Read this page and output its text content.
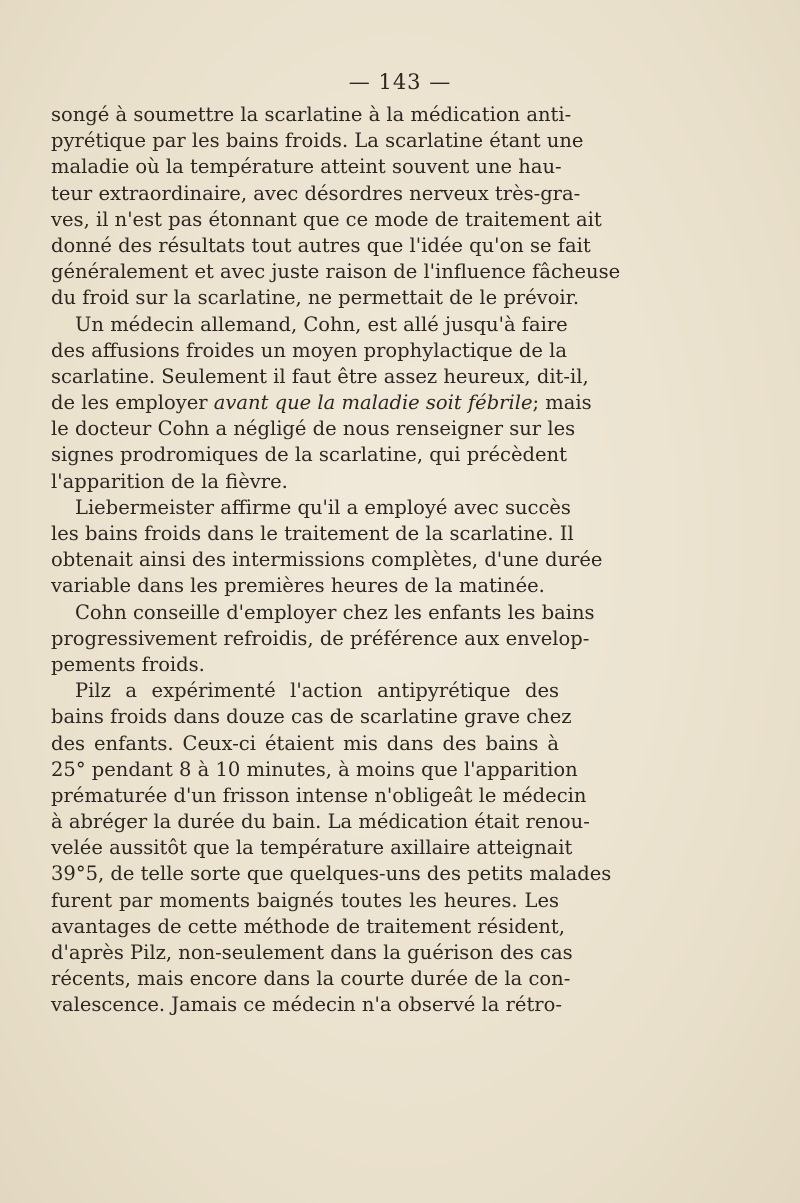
— 143 —
songé à soumettre la scarlatine à la médication anti-
pyrétique par les bains froids. La scarlatine étant une
maladie où la température atteint souvent une hau-
teur extraordinaire, avec désordres nerveux très-gra-
ves, il n'est pas étonnant que ce mode de traitement ait
donné des résultats tout autres que l'idée qu'on se fait
généralement et avec juste raison de l'influence fâcheuse
du froid sur la scarlatine, ne permettait de le prévoir.
Un médecin allemand, Cohn, est allé jusqu'à faire
des affusions froides un moyen prophylactique de la
scarlatine. Seulement il faut être assez heureux, dit-il,
de les employer avant que la maladie soit fébrile; mais
le docteur Cohn a négligé de nous renseigner sur les
signes prodromiques de la scarlatine, qui précèdent
l'apparition de la fièvre.
Liebermeister affirme qu'il a employé avec succès
les bains froids dans le traitement de la scarlatine. Il
obtenait ainsi des intermissions complètes, d'une durée
variable dans les premières heures de la matinée.
Cohn conseille d'employer chez les enfants les bains
progressivement refroidis, de préférence aux envelop-
pements froids.
Pilz a expérimenté l'action antipyrétique des
bains froids dans douze cas de scarlatine grave chez
des enfants. Ceux-ci étaient mis dans des bains à
25° pendant 8 à 10 minutes, à moins que l'apparition
prématurée d'un frisson intense n'obligeât le médecin
à abréger la durée du bain. La médication était renou-
velée aussitôt que la température axillaire atteignait
39°5, de telle sorte que quelques-uns des petits malades
furent par moments baignés toutes les heures. Les
avantages de cette méthode de traitement résident,
d'après Pilz, non-seulement dans la guérison des cas
récents, mais encore dans la courte durée de la con-
valescence. Jamais ce médecin n'a observé la rétro-
